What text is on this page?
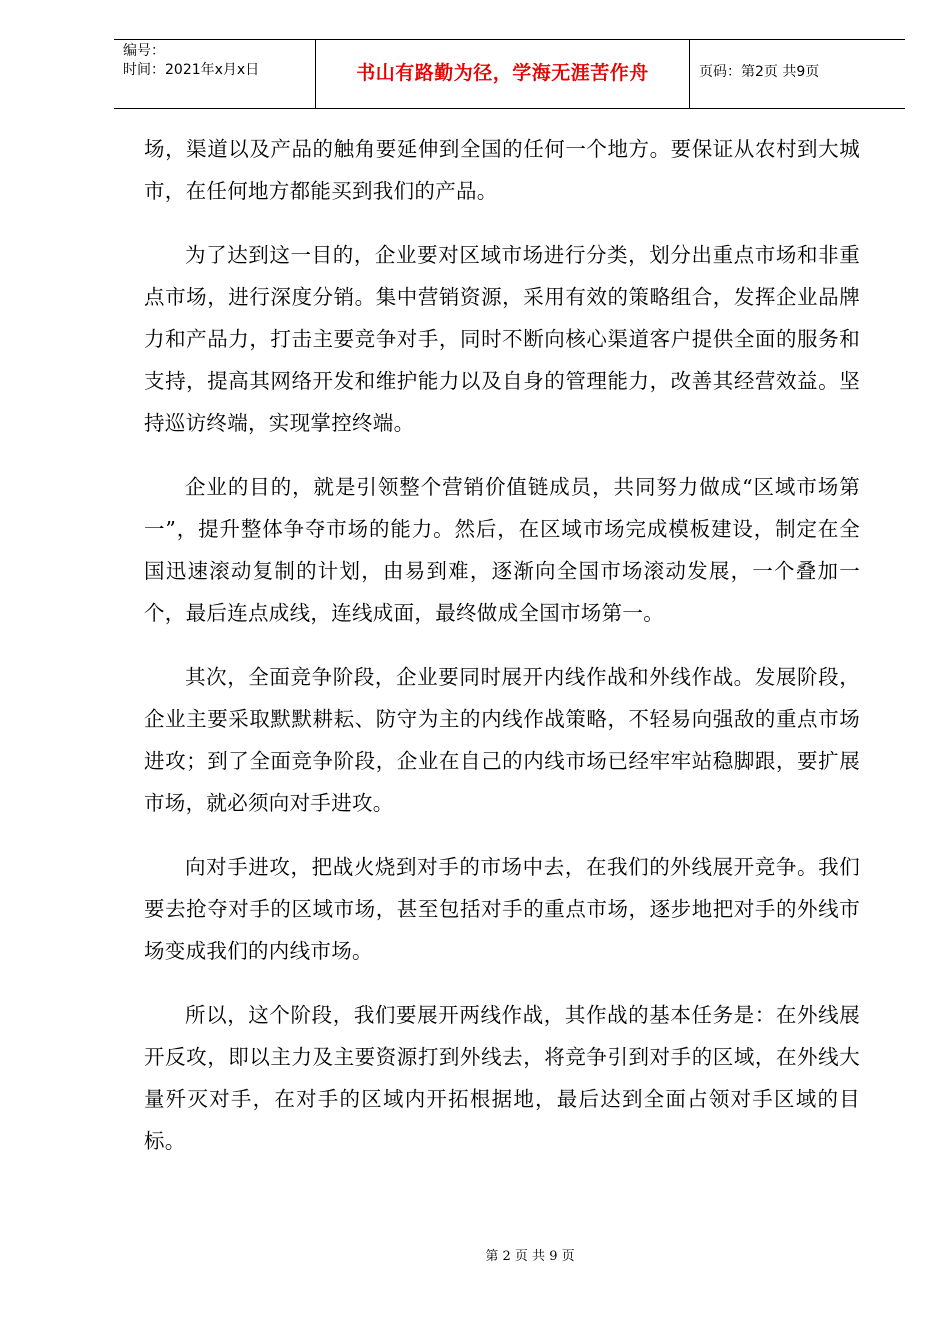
编号：
时间：2021年x月x日	书山有路勤为径，学海无涯苦作舟	页码：第2页 共9页

场，渠道以及产品的触角要延伸到全国的任何一个地方。要保证从农村到大城市，在任何地方都能买到我们的产品。

为了达到这一目的，企业要对区域市场进行分类，划分出重点市场和非重点市场，进行深度分销。集中营销资源，采用有效的策略组合，发挥企业品牌力和产品力，打击主要竞争对手，同时不断向核心渠道客户提供全面的服务和支持，提高其网络开发和维护能力以及自身的管理能力，改善其经营效益。坚持巡访终端，实现掌控终端。

企业的目的，就是引领整个营销价值链成员，共同努力做成“区域市场第一”，提升整体争夺市场的能力。然后，在区域市场完成模板建设，制定在全国迅速滚动复制的计划，由易到难，逐渐向全国市场滚动发展，一个叠加一个，最后连点成线，连线成面，最终做成全国市场第一。

其次，全面竞争阶段，企业要同时展开内线作战和外线作战。发展阶段，企业主要采取默默耕耘、防守为主的内线作战策略，不轻易向强敌的重点市场进攻；到了全面竞争阶段，企业在自己的内线市场已经牢牢站稳脚跟，要扩展市场，就必须向对手进攻。

向对手进攻，把战火烧到对手的市场中去，在我们的外线展开竞争。我们要去抢夺对手的区域市场，甚至包括对手的重点市场，逐步地把对手的外线市场变成我们的内线市场。

所以，这个阶段，我们要展开两线作战，其作战的基本任务是：在外线展开反攻，即以主力及主要资源打到外线去，将竞争引到对手的区域，在外线大量歼灭对手，在对手的区域内开拓根据地，最后达到全面占领对手区域的目标。

第 2 页 共 9 页
